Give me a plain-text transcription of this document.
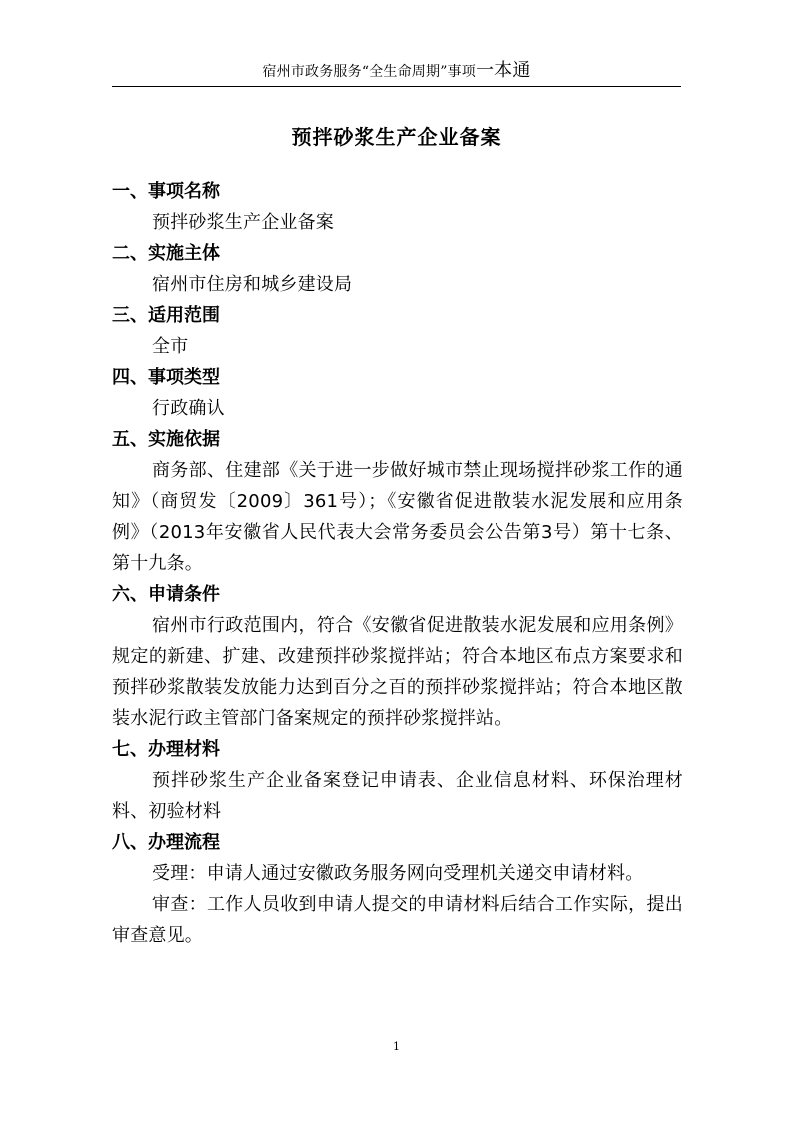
宿州市政务服务“全生命周期”事项一本通
预拌砂浆生产企业备案

一、事项名称

预拌砂浆生产企业备案

二、实施主体

宿州市住房和城乡建设局

三、适用范围

全市

四、事项类型

行政确认

五、实施依据

商务部、住建部《关于进一步做好城市禁止现场搅拌砂浆工作的通知》（商贸发〔2009〕361号）；《安徽省促进散装水泥发展和应用条例》（2013年安徽省人民代表大会常务委员会公告第3号）第十七条、第十九条。

六、申请条件

宿州市行政范围内，符合《安徽省促进散装水泥发展和应用条例》规定的新建、扩建、改建预拌砂浆搅拌站；符合本地区布点方案要求和预拌砂浆散装发放能力达到百分之百的预拌砂浆搅拌站；符合本地区散装水泥行政主管部门备案规定的预拌砂浆搅拌站。

七、办理材料

预拌砂浆生产企业备案登记申请表、企业信息材料、环保治理材料、初验材料

八、办理流程

受理：申请人通过安徽政务服务网向受理机关递交申请材料。

审查：工作人员收到申请人提交的申请材料后结合工作实际，提出审查意见。

1
